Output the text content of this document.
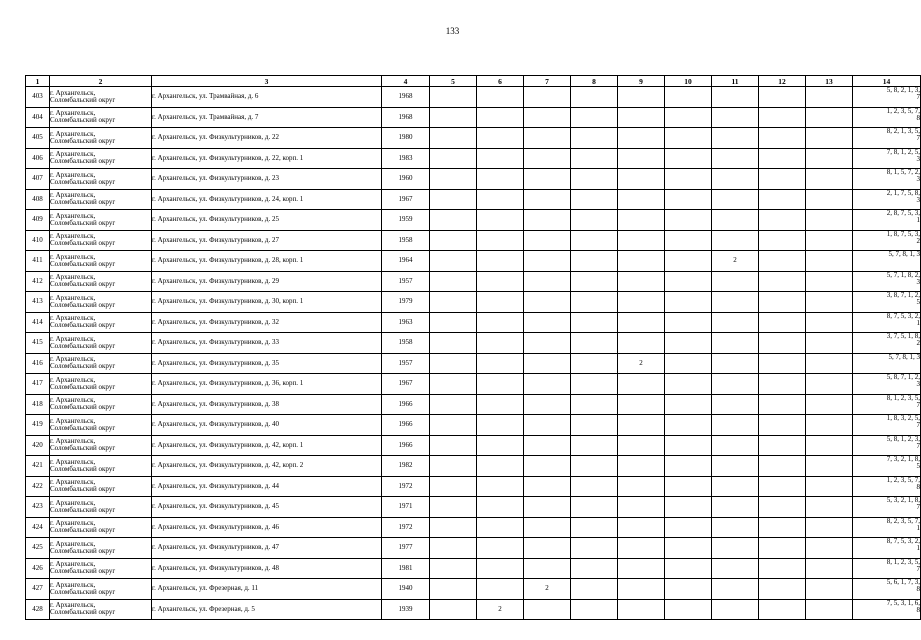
133
1	2	3	4	5	6	7	8	9	10	11	12	13	14
403	г. Архангельск,
Соломбальский округ	г. Архангельск, ул. Трамвайная, д. 6	1968										5, 8, 2, 1, 3,
7

404	г. Архангельск,
Соломбальский округ	г. Архангельск, ул. Трамвайная, д. 7	1968										1, 2, 3, 5, 7,
8

405	г. Архангельск,
Соломбальский округ	г. Архангельск, ул. Физкультурников, д. 22	1980										8, 2, 1, 3, 5,
7

406	г. Архангельск,
Соломбальский округ	г. Архангельск, ул. Физкультурников, д. 22, корп. 1	1983										7, 8, 1, 2, 5,
3

407	г. Архангельск,
Соломбальский округ	г. Архангельск, ул. Физкультурников, д. 23	1960										8, 1, 5, 7, 2,
3

408	г. Архангельск,
Соломбальский округ	г. Архангельск, ул. Физкультурников, д. 24, корп. 1	1967										2, 1, 7, 5, 8,
3

409	г. Архангельск,
Соломбальский округ	г. Архангельск, ул. Физкультурников, д. 25	1959										2, 8, 7, 5, 3,
1

410	г. Архангельск,
Соломбальский округ	г. Архангельск, ул. Физкультурников, д. 27	1958										1, 8, 7, 5, 3,
2

411	г. Архангельск,
Соломбальский округ	г. Архангельск, ул. Физкультурников, д. 28, корп. 1	1964							2			5, 7, 8, 1, 3

412	г. Архангельск,
Соломбальский округ	г. Архангельск, ул. Физкультурников, д. 29	1957										5, 7, 1, 8, 2,
3

413	г. Архангельск,
Соломбальский округ	г. Архангельск, ул. Физкультурников, д. 30, корп. 1	1979										3, 8, 7, 1, 2,
5

414	г. Архангельск,
Соломбальский округ	г. Архангельск, ул. Физкультурников, д. 32	1963										8, 7, 5, 3, 2,
1

415	г. Архангельск,
Соломбальский округ	г. Архангельск, ул. Физкультурников, д. 33	1958										3, 7, 5, 1, 8,
2

416	г. Архангельск,
Соломбальский округ	г. Архангельск, ул. Физкультурников, д. 35	1957					2					5, 7, 8, 1, 3

417	г. Архангельск,
Соломбальский округ	г. Архангельск, ул. Физкультурников, д. 36, корп. 1	1967										5, 8, 7, 1, 2,
3

418	г. Архангельск,
Соломбальский округ	г. Архангельск, ул. Физкультурников, д. 38	1966										8, 1, 2, 3, 5,
7

419	г. Архангельск,
Соломбальский округ	г. Архангельск, ул. Физкультурников, д. 40	1966										1, 8, 3, 2, 5,
7

420	г. Архангельск,
Соломбальский округ	г. Архангельск, ул. Физкультурников, д. 42, корп. 1	1966										5, 8, 1, 2, 3,
7

421	г. Архангельск,
Соломбальский округ	г. Архангельск, ул. Физкультурников, д. 42, корп. 2	1982										7, 3, 2, 1, 8,
5

422	г. Архангельск,
Соломбальский округ	г. Архангельск, ул. Физкультурников, д. 44	1972										1, 2, 3, 5, 7,
8

423	г. Архангельск,
Соломбальский округ	г. Архангельск, ул. Физкультурников, д. 45	1971										5, 3, 2, 1, 8,
7

424	г. Архангельск,
Соломбальский округ	г. Архангельск, ул. Физкультурников, д. 46	1972										8, 2, 3, 5, 7,
1

425	г. Архангельск,
Соломбальский округ	г. Архангельск, ул. Физкультурников, д. 47	1977										8, 7, 5, 3, 2,
1

426	г. Архангельск,
Соломбальский округ	г. Архангельск, ул. Физкультурников, д. 48	1981										8, 1, 2, 3, 5,
7

427	г. Архангельск,
Соломбальский округ	г. Архангельск, ул. Фрезерная, д. 11	1940			2							5, 6, 1, 7, 3,
8

428	г. Архангельск,
Соломбальский округ	г. Архангельск, ул. Фрезерная, д. 5	1939		2								7, 5, 3, 1, 6,
8
